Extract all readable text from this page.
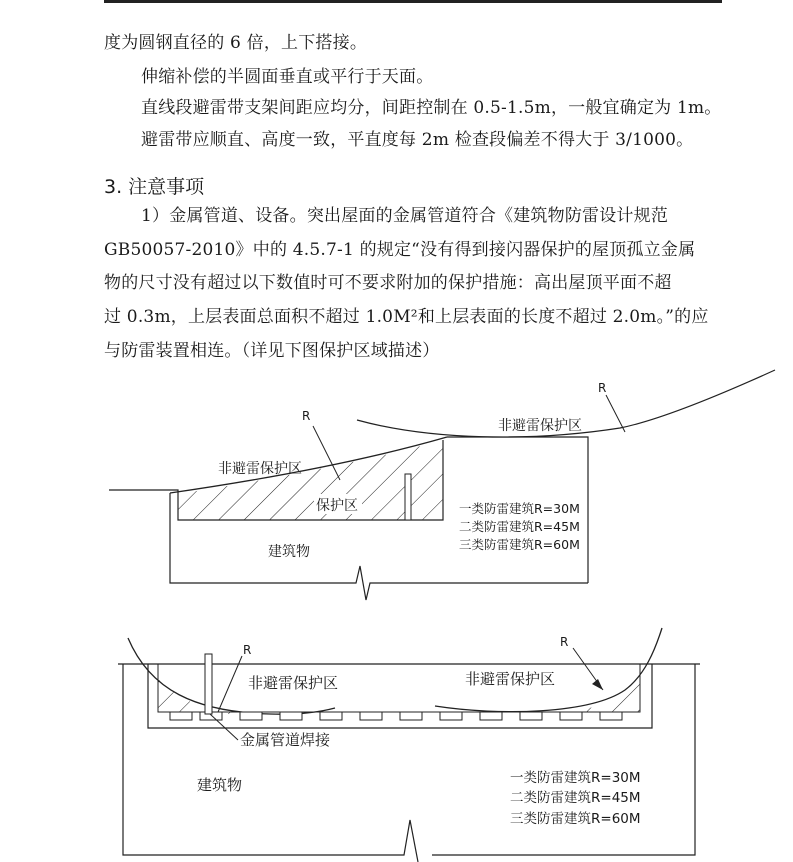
度为圆钢直径的 6 倍，上下搭接。
伸缩补偿的半圆面垂直或平行于天面。
直线段避雷带支架间距应均分，间距控制在 0.5-1.5m，一般宜确定为 1m。
避雷带应顺直、高度一致，平直度每 2m 检查段偏差不得大于 3/1000。
3. 注意事项
1）金属管道、设备。突出屋面的金属管道符合《建筑物防雷设计规范
GB50057-2010》中的 4.5.7-1 的规定“没有得到接闪器保护的屋顶孤立金属
物的尺寸没有超过以下数值时可不要求附加的保护措施：高出屋顶平面不超
过 0.3m，上层表面总面积不超过 1.0M²和上层表面的长度不超过 2.0m。”的应
与防雷装置相连。（详见下图保护区域描述）
R
R
非避雷保护区
非避雷保护区
保护区
建筑物
一类防雷建筑R=30M
二类防雷建筑R=45M
三类防雷建筑R=60M
R
R
非避雷保护区	非避雷保护区
金属管道焊接
建筑物	一类防雷建筑R=30M
二类防雷建筑R=45M
三类防雷建筑R=60M
